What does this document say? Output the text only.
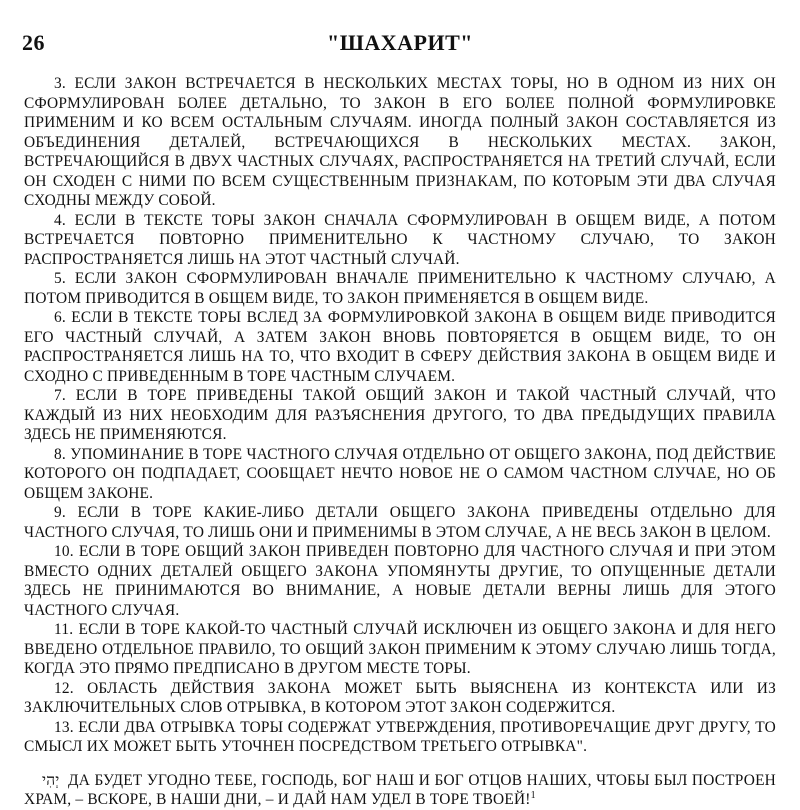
26	"ШАХАРИТ"

3. ЕСЛИ ЗАКОН ВСТРЕЧАЕТСЯ В НЕСКОЛЬКИХ МЕСТАХ ТОРЫ, НО В ОДНОМ ИЗ НИХ ОН СФОРМУЛИРОВАН БОЛЕЕ ДЕТАЛЬНО, ТО ЗАКОН В ЕГО БОЛЕЕ ПОЛНОЙ ФОРМУЛИРОВКЕ ПРИМЕНИМ И КО ВСЕМ ОСТАЛЬНЫМ СЛУЧАЯМ. ИНОГДА ПОЛНЫЙ ЗАКОН СОСТАВЛЯЕТСЯ ИЗ ОБЪЕДИНЕНИЯ ДЕТАЛЕЙ, ВСТРЕЧАЮЩИХСЯ В НЕСКОЛЬКИХ МЕСТАХ. ЗАКОН, ВСТРЕЧАЮЩИЙСЯ В ДВУХ ЧАСТНЫХ СЛУЧАЯХ, РАСПРОСТРАНЯЕТСЯ НА ТРЕТИЙ СЛУЧАЙ, ЕСЛИ ОН СХОДЕН С НИМИ ПО ВСЕМ СУЩЕСТВЕННЫМ ПРИЗНАКАМ, ПО КОТОРЫМ ЭТИ ДВА СЛУЧАЯ СХОДНЫ МЕЖДУ СОБОЙ.

4. ЕСЛИ В ТЕКСТЕ ТОРЫ ЗАКОН СНАЧАЛА СФОРМУЛИРОВАН В ОБЩЕМ ВИДЕ, А ПОТОМ ВСТРЕЧАЕТСЯ ПОВТОРНО ПРИМЕНИТЕЛЬНО К ЧАСТНОМУ СЛУЧАЮ, ТО ЗАКОН РАСПРОСТРАНЯЕТСЯ ЛИШЬ НА ЭТОТ ЧАСТНЫЙ СЛУЧАЙ.

5. ЕСЛИ ЗАКОН СФОРМУЛИРОВАН ВНАЧАЛЕ ПРИМЕНИТЕЛЬНО К ЧАСТНОМУ СЛУЧАЮ, А ПОТОМ ПРИВОДИТСЯ В ОБЩЕМ ВИДЕ, ТО ЗАКОН ПРИМЕНЯЕТСЯ В ОБЩЕМ ВИДЕ.

6. ЕСЛИ В ТЕКСТЕ ТОРЫ ВСЛЕД ЗА ФОРМУЛИРОВКОЙ ЗАКОНА В ОБЩЕМ ВИДЕ ПРИВОДИТСЯ ЕГО ЧАСТНЫЙ СЛУЧАЙ, А ЗАТЕМ ЗАКОН ВНОВЬ ПОВТОРЯЕТСЯ В ОБЩЕМ ВИДЕ, ТО ОН РАСПРОСТРАНЯЕТСЯ ЛИШЬ НА ТО, ЧТО ВХОДИТ В СФЕРУ ДЕЙСТВИЯ ЗАКОНА В ОБЩЕМ ВИДЕ И СХОДНО С ПРИВЕДЕННЫМ В ТОРЕ ЧАСТНЫМ СЛУЧАЕМ.

7. ЕСЛИ В ТОРЕ ПРИВЕДЕНЫ ТАКОЙ ОБЩИЙ ЗАКОН И ТАКОЙ ЧАСТНЫЙ СЛУЧАЙ, ЧТО КАЖДЫЙ ИЗ НИХ НЕОБХОДИМ ДЛЯ РАЗЪЯСНЕНИЯ ДРУГОГО, ТО ДВА ПРЕДЫДУЩИХ ПРАВИЛА ЗДЕСЬ НЕ ПРИМЕНЯЮТСЯ.

8. УПОМИНАНИЕ В ТОРЕ ЧАСТНОГО СЛУЧАЯ ОТДЕЛЬНО ОТ ОБЩЕГО ЗАКОНА, ПОД ДЕЙСТВИЕ КОТОРОГО ОН ПОДПАДАЕТ, СООБЩАЕТ НЕЧТО НОВОЕ НЕ О САМОМ ЧАСТНОМ СЛУЧАЕ, НО ОБ ОБЩЕМ ЗАКОНЕ.

9. ЕСЛИ В ТОРЕ КАКИЕ-ЛИБО ДЕТАЛИ ОБЩЕГО ЗАКОНА ПРИВЕДЕНЫ ОТДЕЛЬНО ДЛЯ ЧАСТНОГО СЛУЧАЯ, ТО ЛИШЬ ОНИ И ПРИМЕНИМЫ В ЭТОМ СЛУЧАЕ, А НЕ ВЕСЬ ЗАКОН В ЦЕЛОМ.

10. ЕСЛИ В ТОРЕ ОБЩИЙ ЗАКОН ПРИВЕДЕН ПОВТОРНО ДЛЯ ЧАСТНОГО СЛУЧАЯ И ПРИ ЭТОМ ВМЕСТО ОДНИХ ДЕТАЛЕЙ ОБЩЕГО ЗАКОНА УПОМЯНУТЫ ДРУГИЕ, ТО ОПУЩЕННЫЕ ДЕТАЛИ ЗДЕСЬ НЕ ПРИНИМАЮТСЯ ВО ВНИМАНИЕ, А НОВЫЕ ДЕТАЛИ ВЕРНЫ ЛИШЬ ДЛЯ ЭТОГО ЧАСТНОГО СЛУЧАЯ.

11. ЕСЛИ В ТОРЕ КАКОЙ-ТО ЧАСТНЫЙ СЛУЧАЙ ИСКЛЮЧЕН ИЗ ОБЩЕГО ЗАКОНА И ДЛЯ НЕГО ВВЕДЕНО ОТДЕЛЬНОЕ ПРАВИЛО, ТО ОБЩИЙ ЗАКОН ПРИМЕНИМ К ЭТОМУ СЛУЧАЮ ЛИШЬ ТОГДА, КОГДА ЭТО ПРЯМО ПРЕДПИСАНО В ДРУГОМ МЕСТЕ ТОРЫ.

12. ОБЛАСТЬ ДЕЙСТВИЯ ЗАКОНА МОЖЕТ БЫТЬ ВЫЯСНЕНА ИЗ КОНТЕКСТА ИЛИ ИЗ ЗАКЛЮЧИТЕЛЬНЫХ СЛОВ ОТРЫВКА, В КОТОРОМ ЭТОТ ЗАКОН СОДЕРЖИТСЯ.

13. ЕСЛИ ДВА ОТРЫВКА ТОРЫ СОДЕРЖАТ УТВЕРЖДЕНИЯ, ПРОТИВОРЕЧАЩИЕ ДРУГ ДРУГУ, ТО СМЫСЛ ИХ МОЖЕТ БЫТЬ УТОЧНЕН ПОСРЕДСТВОМ ТРЕТЬЕГО ОТРЫВКА".

יְהִי ДА БУДЕТ УГОДНО ТЕБЕ, ГОСПОДЬ, БОГ НАШ И БОГ ОТЦОВ НАШИХ, ЧТОБЫ БЫЛ ПОСТРОЕН ХРАМ, – ВСКОРЕ, В НАШИ ДНИ, – И ДАЙ НАМ УДЕЛ В ТОРЕ ТВОЕЙ!$^1$
